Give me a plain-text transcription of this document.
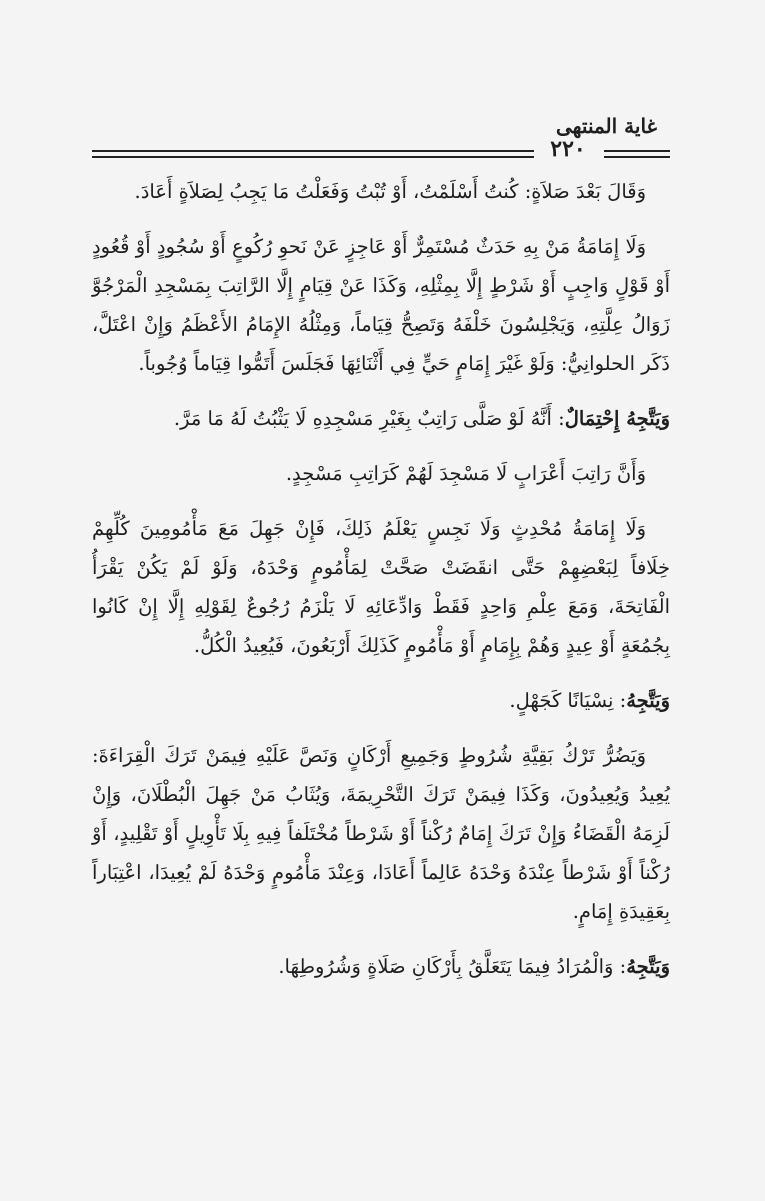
غاية المنتهى
٢٢٠

وَقَالَ بَعْدَ صَلاَةٍ: كُنتُ أَسْلَمْتُ، أَوْ تُبْتُ وَفَعَلْتُ مَا يَجِبُ لِصَلاَةٍ أَعَادَ.

وَلَا إِمَامَةُ مَنْ بِهِ حَدَثٌ مُسْتَمِرٌّ أَوْ عَاجِزٍ عَنْ نَحوِ رُكُوعٍ أَوْ سُجُودٍ أَوْ قُعُودٍ أَوْ قَوْلٍ وَاجِبٍ أَوْ شَرْطٍ إِلَّا بِمِثْلِهِ، وَكَذَا عَنْ قِيَامٍ إِلَّا الرَّاتِبَ بِمَسْجِدِ الْمَرْجُوَّ زَوَالُ عِلَّتِهِ، وَيَجْلِسُونَ خَلْفَهُ وَتَصِحُّ قِيَاماً، وَمِثْلُهُ الإِمَامُ الأَعْظَمُ وَإِنْ اعْتَلَّ، ذَكَر الحلوانِيُّ: وَلَوْ غَيْرَ إِمَامٍ حَيٍّ فِي أَثْنَائِهَا فَجَلَسَ أَتَمُّوا قِيَاماً وُجُوباً.

وَيَتَّجِهُ إِحْتِمَالٌ: أَنَّهُ لَوْ صَلَّى رَاتِبٌ بِغَيْرِ مَسْجِدِهِ لَا يَثْبُتُ لَهُ مَا مَرَّ.

وَأَنَّ رَاتِبَ أَعْرَابٍ لَا مَسْجِدَ لَهُمْ كَرَاتِبِ مَسْجِدٍ.

وَلَا إِمَامَةُ مُحْدِثٍ وَلَا نَجِسٍ يَعْلَمُ ذَلِكَ، فَإِنْ جَهِلَ مَعَ مَأْمُومِينَ كُلِّهِمْ خِلَافاً لِبَعْضِهِمْ حَتَّى انقَضَتْ صَحَّتْ لِمَأْمُومٍ وَحْدَهُ، وَلَوْ لَمْ يَكُنْ يَقْرَأُ الْفَاتِحَةَ، وَمَعَ عِلْمِ وَاحِدٍ فَقَطْ وَادِّعَائِهِ لَا يَلْزَمُ رُجُوعٌ لِقَوْلِهِ إِلَّا إِنْ كَانُوا بِجُمُعَةٍ أَوْ عِيدٍ وَهُمْ بِإِمَامٍ أَوْ مَأْمُومٍ كَذَلِكَ أَرْبَعُونَ، فَيُعِيدُ الْكُلُّ.

وَيَتَّجِهُ: نِسْيَانًا كَجَهْلٍ.

وَيَضُرُّ تَرْكُ بَقِيَّةِ شُرُوطٍ وَجَمِيعِ أَرْكَانٍ وَنَصَّ عَلَيْهِ فِيمَنْ تَرَكَ الْقِرَاءَةَ: يُعِيدُ وَيُعِيدُونَ، وَكَذَا فِيمَنْ تَرَكَ التَّحْرِيمَةَ، وَيُثَابُ مَنْ جَهِلَ الْبُطْلَانَ، وَإِنْ لَزِمَهُ الْقَضَاءُ وَإِنْ تَرَكَ إِمَامٌ رُكْناً أَوْ شَرْطاً مُخْتَلَفاً فِيهِ بِلَا تَأْوِيلٍ أَوْ تَقْلِيدٍ، أَوْ رُكْناً أَوْ شَرْطاً عِنْدَهُ وَحْدَهُ عَالِماً أَعَادَا، وَعِنْدَ مَأْمُومٍ وَحْدَهُ لَمْ يُعِيدَا، اعْتِبَاراً بِعَقِيدَةِ إِمَامٍ.

وَيَتَّجِهُ: وَالْمُرَادُ فِيمَا يَتَعَلَّقُ بِأَرْكَانِ صَلَاةٍ وَشُرُوطِهَا.
